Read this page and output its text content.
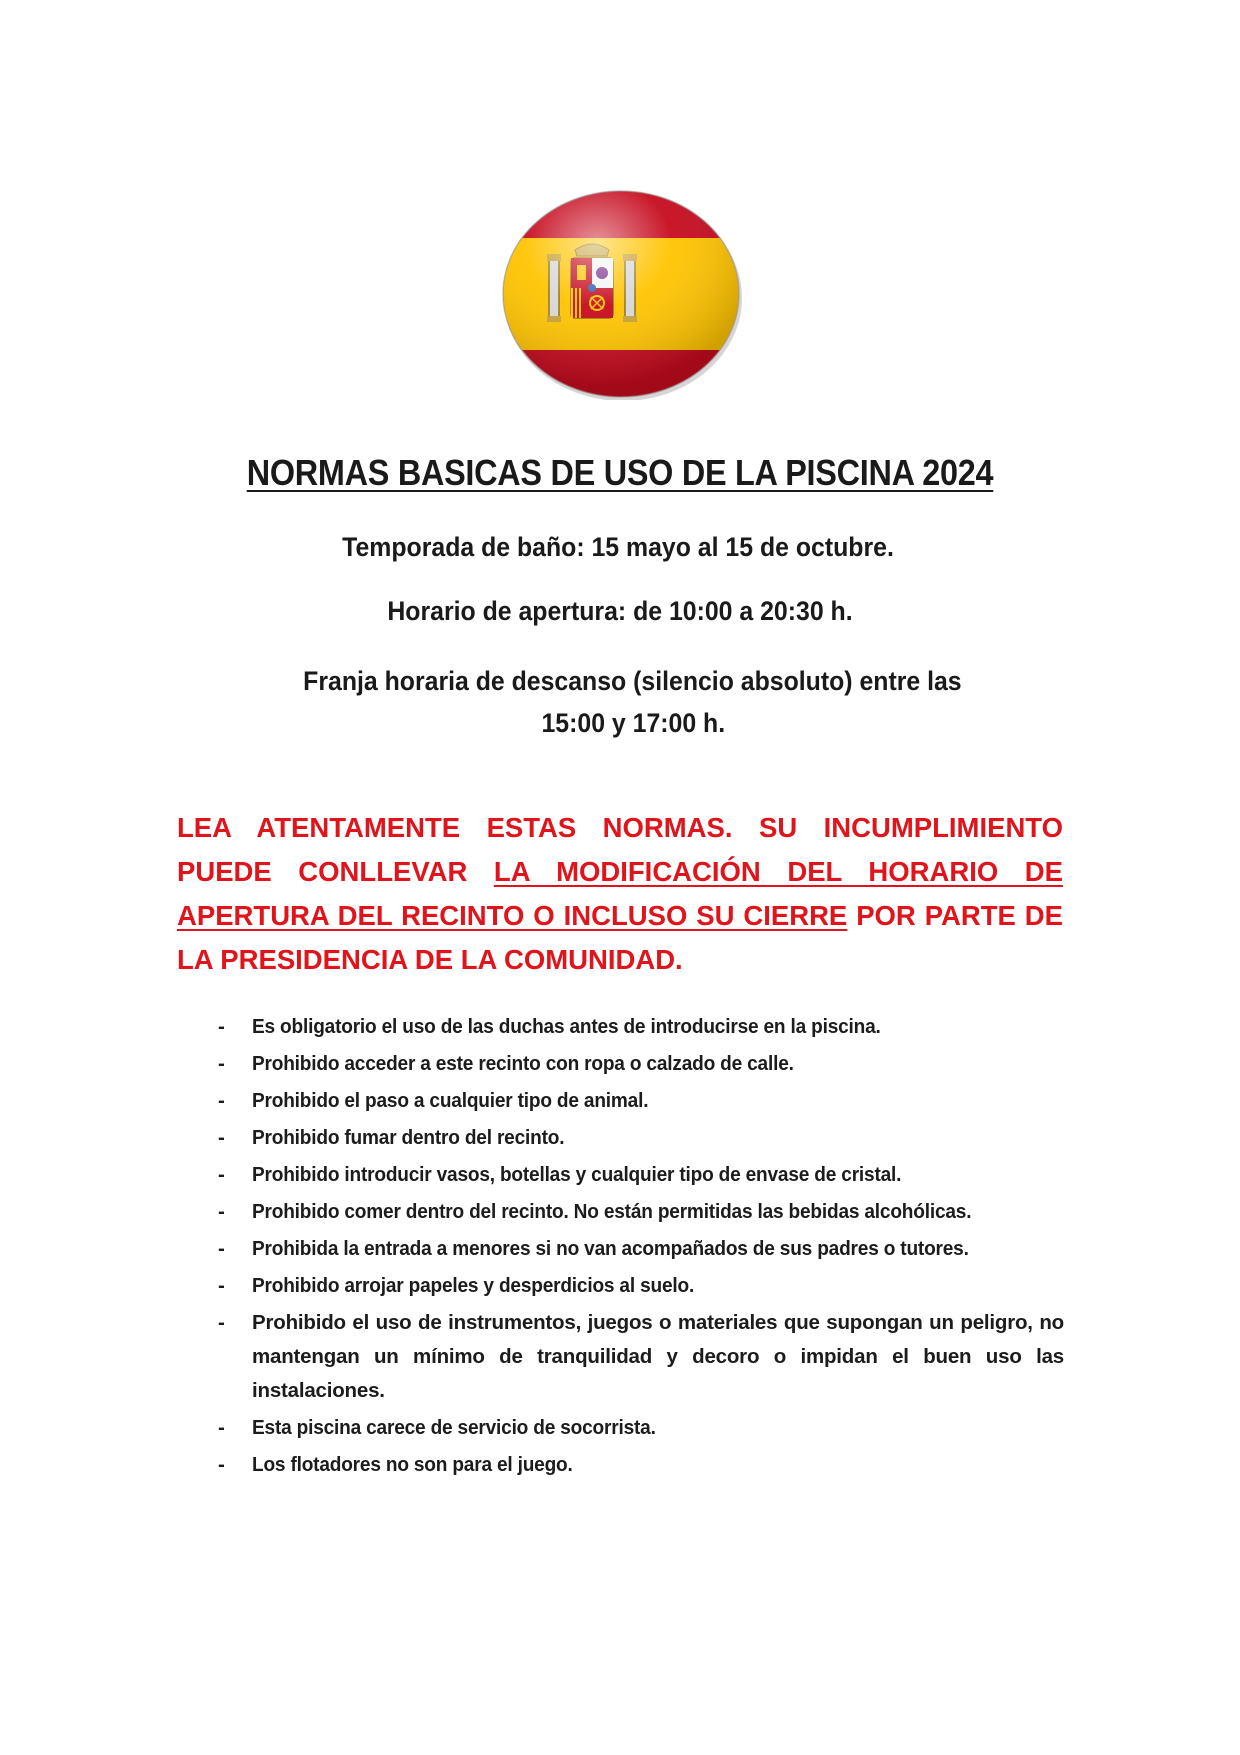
NORMAS BASICAS DE USO DE LA PISCINA 2024
Temporada de baño: 15 mayo al 15 de octubre.
Horario de apertura: de 10:00 a 20:30 h.
Franja horaria de descanso (silencio absoluto) entre las
15:00 y 17:00 h.
LEA ATENTAMENTE ESTAS NORMAS. SU INCUMPLIMIENTO PUEDE CONLLEVAR LA MODIFICACIÓN DEL HORARIO DE APERTURA DEL RECINTO O INCLUSO SU CIERRE POR PARTE DE LA PRESIDENCIA DE LA COMUNIDAD.
- Es obligatorio el uso de las duchas antes de introducirse en la piscina.
- Prohibido acceder a este recinto con ropa o calzado de calle.
- Prohibido el paso a cualquier tipo de animal.
- Prohibido fumar dentro del recinto.
- Prohibido introducir vasos, botellas y cualquier tipo de envase de cristal.
- Prohibido comer dentro del recinto. No están permitidas las bebidas alcohólicas.
- Prohibida la entrada a menores si no van acompañados de sus padres o tutores.
- Prohibido arrojar papeles y desperdicios al suelo.
- Prohibido el uso de instrumentos, juegos o materiales que supongan un peligro, no mantengan un mínimo de tranquilidad y decoro o impidan el buen uso las instalaciones.
- Esta piscina carece de servicio de socorrista.
- Los flotadores no son para el juego.
